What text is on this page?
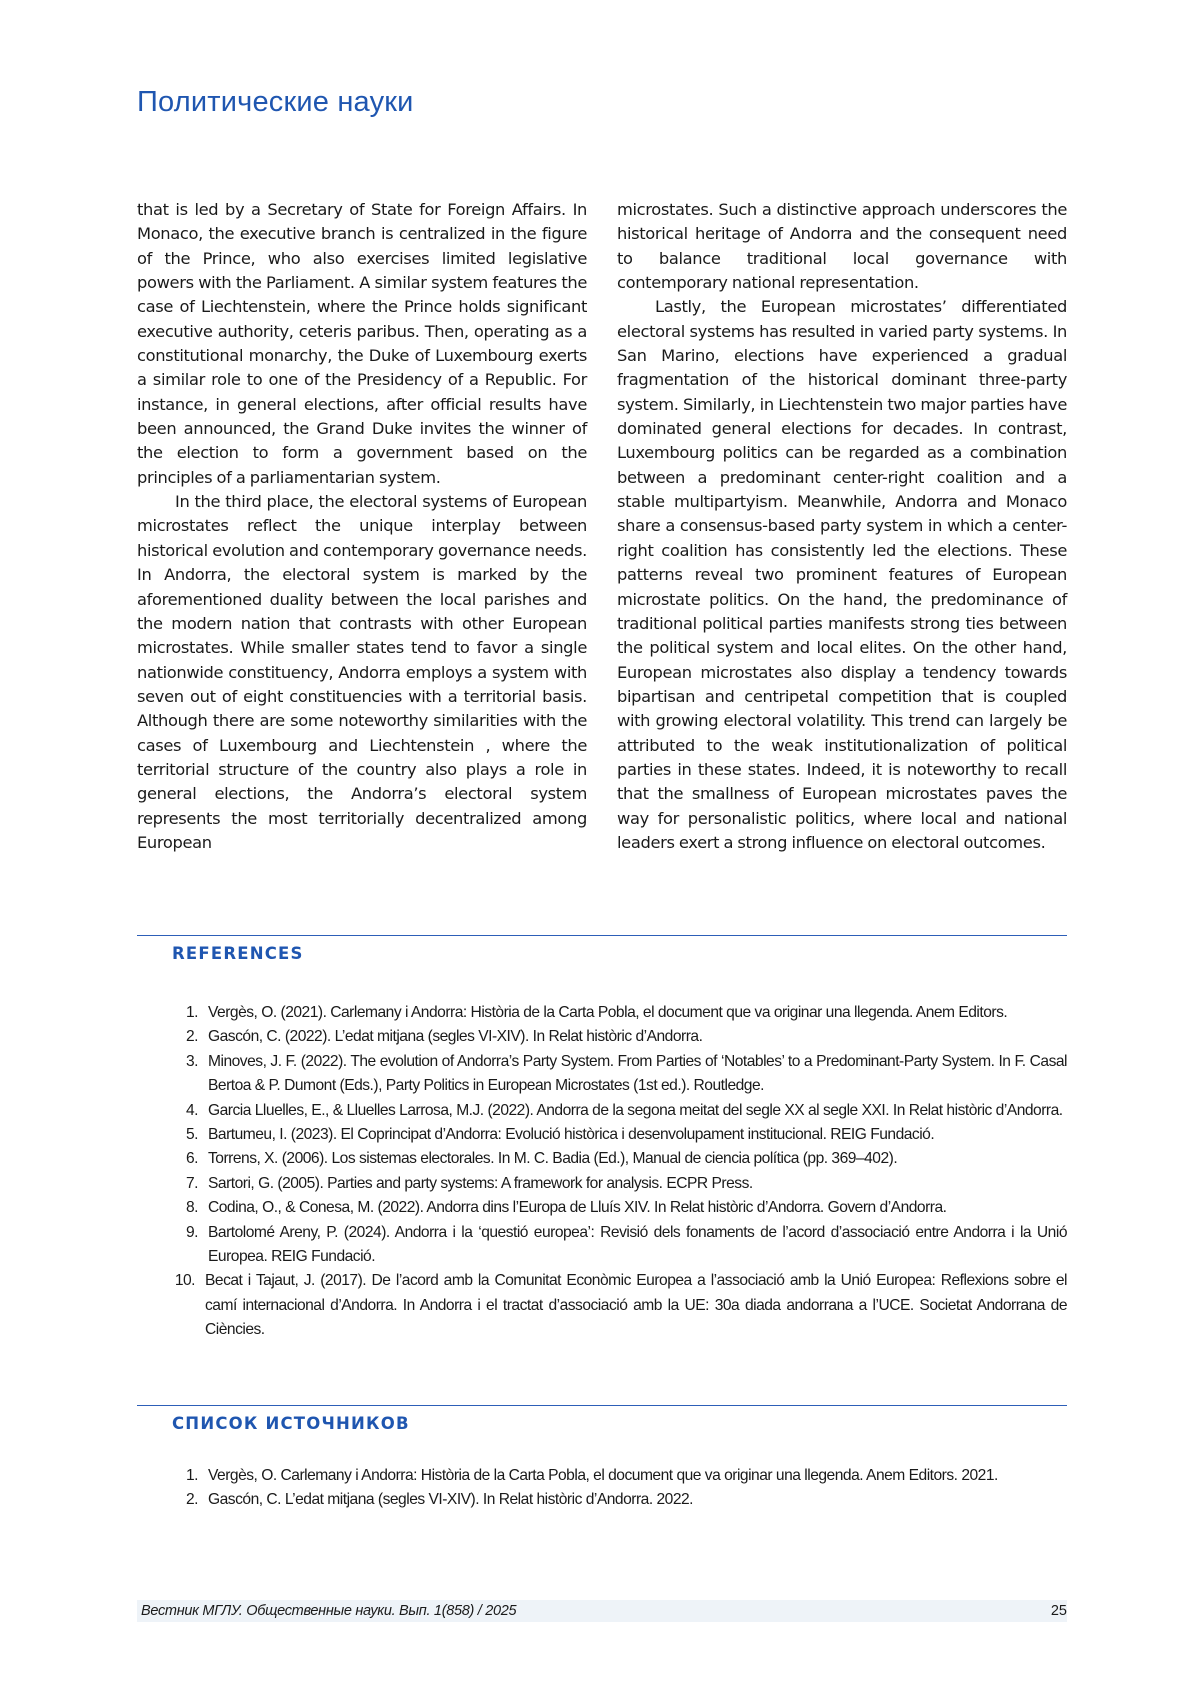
Политические науки

that is led by a Secretary of State for Foreign Affairs. In Monaco, the executive branch is centralized in the figure of the Prince, who also exercises limited legislative powers with the Parliament. A similar system features the case of Liechtenstein, where the Prince holds significant executive authority, ceteris paribus. Then, operating as a constitutional monarchy, the Duke of Luxembourg exerts a similar role to one of the Presidency of a Republic. For instance, in general elections, after official results have been announced, the Grand Duke invites the winner of the election to form a government based on the principles of a parliamentarian system.

In the third place, the electoral systems of European microstates reflect the unique interplay between historical evolution and contemporary governance needs. In Andorra, the electoral system is marked by the aforementioned duality between the local parishes and the modern nation that contrasts with other European microstates. While smaller states tend to favor a single nationwide constituency, Andorra employs a system with seven out of eight constituencies with a territorial basis. Although there are some noteworthy similarities with the cases of Luxembourg and Liechtenstein , where the territorial structure of the country also plays a role in general elections, the Andorra’s electoral system represents the most territorially decentralized among European

microstates. Such a distinctive approach underscores the historical heritage of Andorra and the consequent need to balance traditional local governance with contemporary national representation.

Lastly, the European microstates’ differentiated electoral systems has resulted in varied party systems. In San Marino, elections have experienced a gradual fragmentation of the historical dominant three-party system. Similarly, in Liechtenstein two major parties have dominated general elections for decades. In contrast, Luxembourg politics can be regarded as a combination between a predominant center-right coalition and a stable multipartyism. Meanwhile, Andorra and Monaco share a consensus-based party system in which a center-right coalition has consistently led the elections. These patterns reveal two prominent features of European microstate politics. On the hand, the predominance of traditional political parties manifests strong ties between the political system and local elites. On the other hand, European microstates also display a tendency towards bipartisan and centripetal competition that is coupled with growing electoral volatility. This trend can largely be attributed to the weak institutionalization of political parties in these states. Indeed, it is noteworthy to recall that the smallness of European microstates paves the way for personalistic politics, where local and national leaders exert a strong influence on electoral outcomes.

REFERENCES
1. Vergès, O. (2021). Carlemany i Andorra: Història de la Carta Pobla, el document que va originar una llegenda. Anem Editors.
2. Gascón, C. (2022). L’edat mitjana (segles VI-XIV). In Relat històric d’Andorra.
3. Minoves, J. F. (2022). The evolution of Andorra’s Party System. From Parties of ‘Notables’ to a Predominant-Party System. In F. Casal Bertoa & P. Dumont (Eds.), Party Politics in European Microstates (1st ed.). Routledge.
4. Garcia Lluelles, E., & Lluelles Larrosa, M.J. (2022). Andorra de la segona meitat del segle XX al segle XXI. In Relat històric d’Andorra.
5. Bartumeu, I. (2023). El Coprincipat d’Andorra: Evolució històrica i desenvolupament institucional. REIG Fundació.
6. Torrens, X. (2006). Los sistemas electorales. In M. C. Badia (Ed.), Manual de ciencia política (pp. 369–402).
7. Sartori, G. (2005). Parties and party systems: A framework for analysis. ECPR Press.
8. Codina, O., & Conesa, M. (2022). Andorra dins l’Europa de Lluís XIV. In Relat històric d’Andorra. Govern d’Andorra.
9. Bartolomé Areny, P. (2024). Andorra i la ‘questió europea’: Revisió dels fonaments de l’acord d’associació entre Andorra i la Unió Europea. REIG Fundació.
10. Becat i Tajaut, J. (2017). De l’acord amb la Comunitat Econòmic Europea a l’associació amb la Unió Europea: Reflexions sobre el camí internacional d’Andorra. In Andorra i el tractat d’associació amb la UE: 30a diada andorrana a l’UCE. Societat Andorrana de Ciències.
СПИСОК ИСТОЧНИКОВ
1. Vergès, O. Carlemany i Andorra: Història de la Carta Pobla, el document que va originar una llegenda. Anem Editors. 2021.
2. Gascón, C. L’edat mitjana (segles VI-XIV). In Relat històric d’Andorra. 2022.
Вестник МГЛУ. Общественные науки. Вып. 1(858) / 2025	25
